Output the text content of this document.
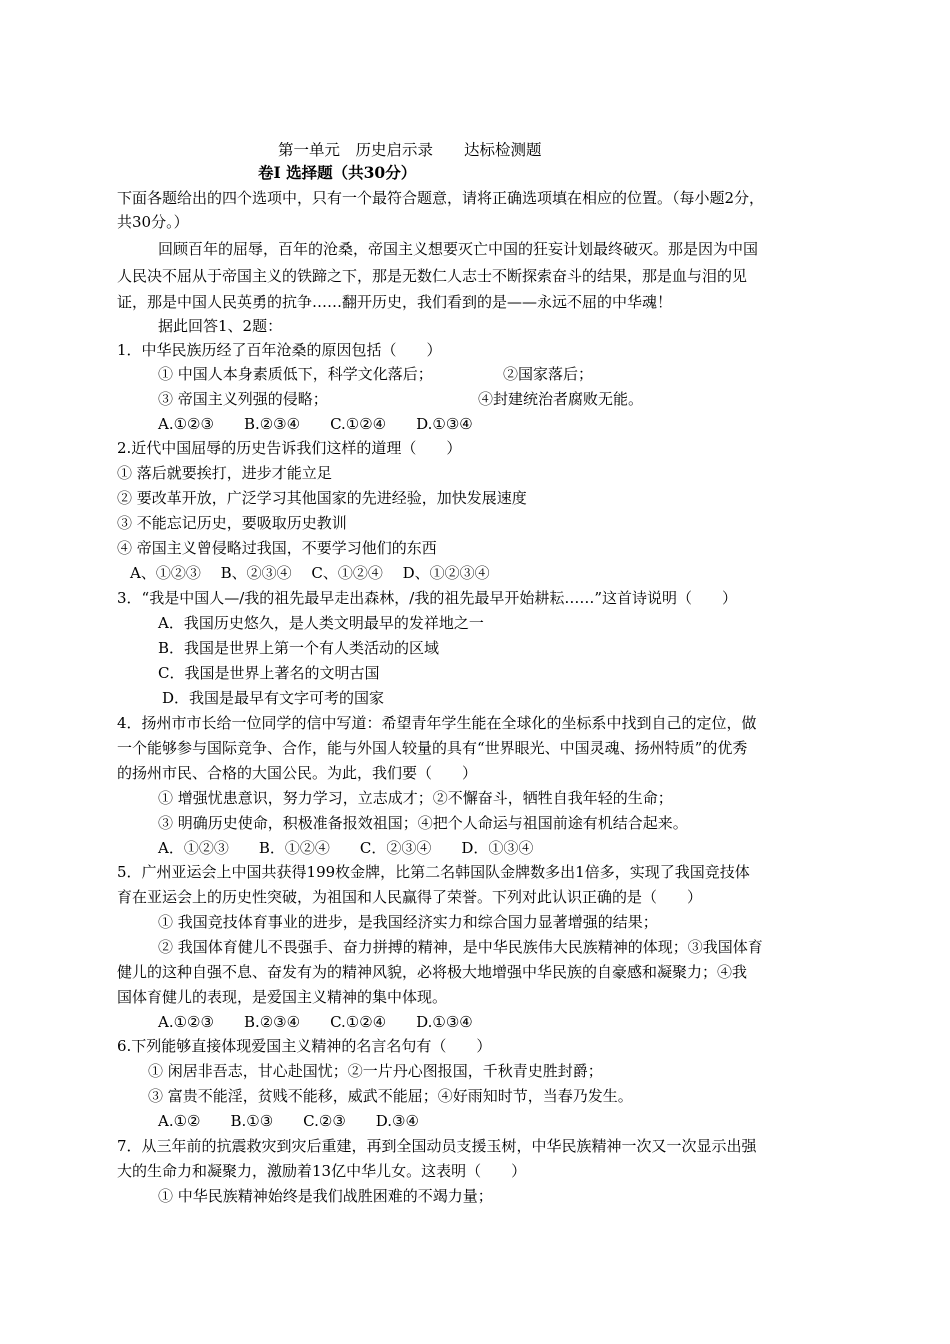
第一单元　历史启示录　　达标检测题
卷Ⅰ 选择题（共30分）
下面各题给出的四个选项中，只有一个最符合题意，请将正确选项填在相应的位置。（每小题2分，
共30分。）
回顾百年的屈辱，百年的沧桑，帝国主义想要灭亡中国的狂妄计划最终破灭。那是因为中国
人民决不屈从于帝国主义的铁蹄之下，那是无数仁人志士不断探索奋斗的结果，那是血与泪的见
证，那是中国人民英勇的抗争……翻开历史，我们看到的是——永远不屈的中华魂！
据此回答1、2题：
1．中华民族历经了百年沧桑的原因包括（　　）
① 中国人本身素质低下，科学文化落后；	②国家落后；
③ 帝国主义列强的侵略；	④封建统治者腐败无能。
A.①②③　　B.②③④　　C.①②④　　D.①③④
2.近代中国屈辱的历史告诉我们这样的道理（　　）
① 落后就要挨打，进步才能立足
② 要改革开放，广泛学习其他国家的先进经验，加快发展速度
③ 不能忘记历史，要吸取历史教训
④ 帝国主义曾侵略过我国，不要学习他们的东西
A、①②③　 B、②③④　 C、①②④　 D、①②③④
3．“我是中国人—/我的祖先最早走出森林，/我的祖先最早开始耕耘……”这首诗说明（　　）
A．我国历史悠久，是人类文明最早的发祥地之一
B．我国是世界上第一个有人类活动的区域
C．我国是世界上著名的文明古国
D．我国是最早有文字可考的国家
4．扬州市市长给一位同学的信中写道：希望青年学生能在全球化的坐标系中找到自己的定位，做
一个能够参与国际竞争、合作，能与外国人较量的具有“世界眼光、中国灵魂、扬州特质”的优秀
的扬州市民、合格的大国公民。为此，我们要（　　）
① 增强忧患意识，努力学习，立志成才；②不懈奋斗，牺牲自我年轻的生命；
③ 明确历史使命，积极准备报效祖国；④把个人命运与祖国前途有机结合起来。
A．①②③　　B．①②④　　C．②③④　　D．①③④
5．广州亚运会上中国共获得199枚金牌，比第二名韩国队金牌数多出1倍多，实现了我国竞技体
育在亚运会上的历史性突破，为祖国和人民赢得了荣誉。下列对此认识正确的是（　　）
① 我国竞技体育事业的进步，是我国经济实力和综合国力显著增强的结果；
② 我国体育健儿不畏强手、奋力拼搏的精神，是中华民族伟大民族精神的体现；③我国体育
健儿的这种自强不息、奋发有为的精神风貌，必将极大地增强中华民族的自豪感和凝聚力；④我
国体育健儿的表现，是爱国主义精神的集中体现。
A.①②③　　B.②③④　　C.①②④　　D.①③④
6.下列能够直接体现爱国主义精神的名言名句有（　　）
① 闲居非吾志，甘心赴国忧；②一片丹心图报国，千秋青史胜封爵；
③ 富贵不能淫，贫贱不能移，威武不能屈；④好雨知时节，当春乃发生。
A.①②　　B.①③　　C.②③　　D.③④
7．从三年前的抗震救灾到灾后重建，再到全国动员支援玉树，中华民族精神一次又一次显示出强
大的生命力和凝聚力，激励着13亿中华儿女。这表明（　　）
① 中华民族精神始终是我们战胜困难的不竭力量；
